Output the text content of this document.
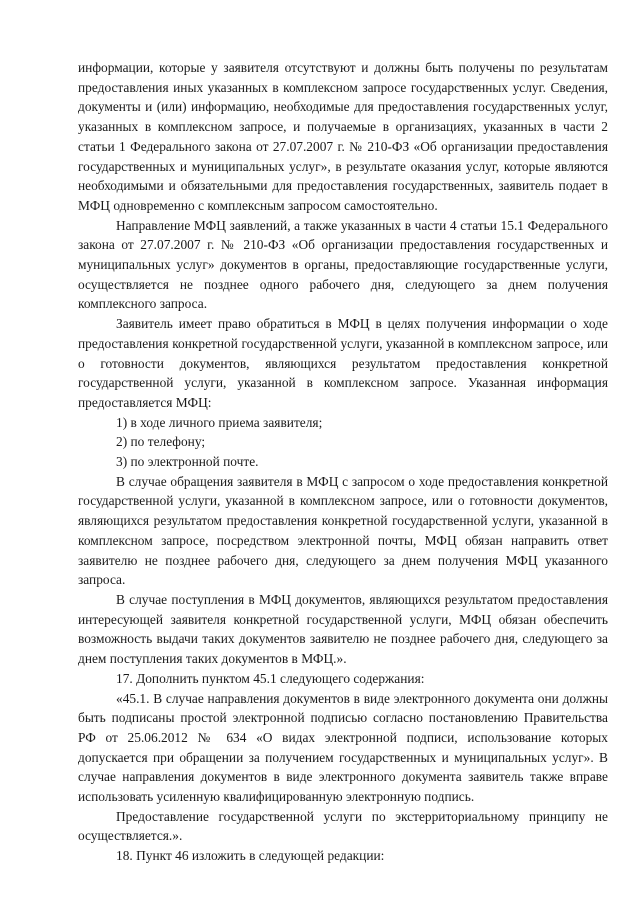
информации, которые у заявителя отсутствуют и должны быть получены по результатам предоставления иных указанных в комплексном запросе государственных услуг. Сведения, документы и (или) информацию, необходимые для предоставления государственных услуг, указанных в комплексном запросе, и получаемые в организациях, указанных в части 2 статьи 1 Федерального закона от 27.07.2007 г. № 210-ФЗ «Об организации предоставления государственных и муниципальных услуг», в результате оказания услуг, которые являются необходимыми и обязательными для предоставления государственных, заявитель подает в МФЦ одновременно с комплексным запросом самостоятельно.

Направление МФЦ заявлений, а также указанных в части 4 статьи 15.1 Федерального закона от 27.07.2007 г. № 210-ФЗ «Об организации предоставления государственных и муниципальных услуг» документов в органы, предоставляющие государственные услуги, осуществляется не позднее одного рабочего дня, следующего за днем получения комплексного запроса.

Заявитель имеет право обратиться в МФЦ в целях получения информации о ходе предоставления конкретной государственной услуги, указанной в комплексном запросе, или о готовности документов, являющихся результатом предоставления конкретной государственной услуги, указанной в комплексном запросе. Указанная информация предоставляется МФЦ:

1) в ходе личного приема заявителя;

2) по телефону;

3) по электронной почте.

В случае обращения заявителя в МФЦ с запросом о ходе предоставления конкретной государственной услуги, указанной в комплексном запросе, или о готовности документов, являющихся результатом предоставления конкретной государственной услуги, указанной в комплексном запросе, посредством электронной почты, МФЦ обязан направить ответ заявителю не позднее рабочего дня, следующего за днем получения МФЦ указанного запроса.

В случае поступления в МФЦ документов, являющихся результатом предоставления интересующей заявителя конкретной государственной услуги, МФЦ обязан обеспечить возможность выдачи таких документов заявителю не позднее рабочего дня, следующего за днем поступления таких документов в МФЦ.».

17. Дополнить пунктом 45.1 следующего содержания:

«45.1. В случае направления документов в виде электронного документа они должны быть подписаны простой электронной подписью согласно постановлению Правительства РФ от 25.06.2012 № 634 «О видах электронной подписи, использование которых допускается при обращении за получением государственных и муниципальных услуг». В случае направления документов в виде электронного документа заявитель также вправе использовать усиленную квалифицированную электронную подпись.

Предоставление государственной услуги по экстерриториальному принципу не осуществляется.».

18. Пункт 46 изложить в следующей редакции:
